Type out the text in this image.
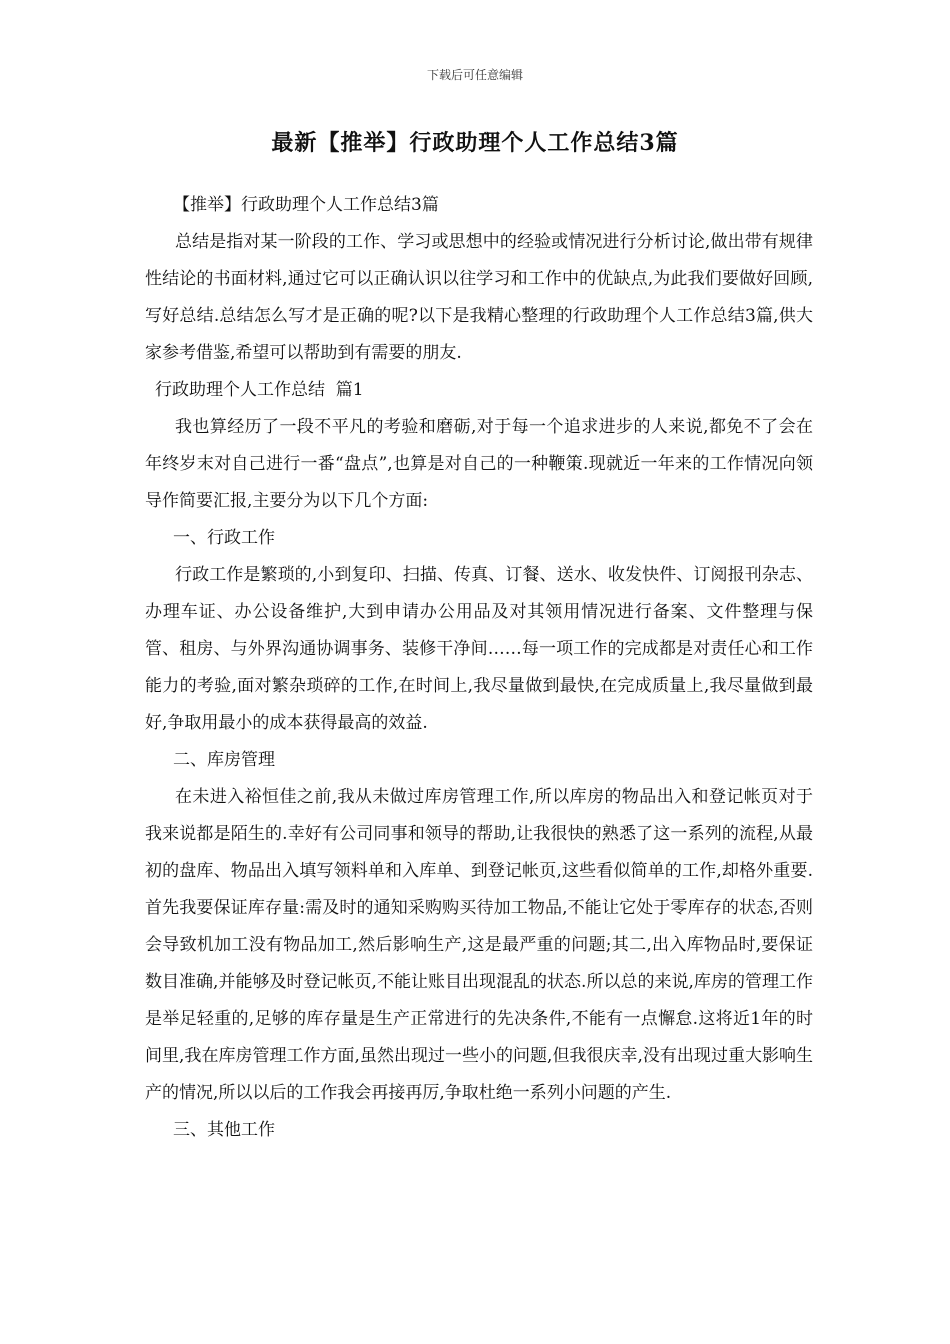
下载后可任意编辑
最新【推举】行政助理个人工作总结3篇

【推举】行政助理个人工作总结3篇

总结是指对某一阶段的工作、学习或思想中的经验或情况进行分析讨论,做出带有规律性结论的书面材料,通过它可以正确认识以往学习和工作中的优缺点,为此我们要做好回顾,写好总结.总结怎么写才是正确的呢?以下是我精心整理的行政助理个人工作总结3篇,供大家参考借鉴,希望可以帮助到有需要的朋友.

行政助理个人工作总结  篇1

我也算经历了一段不平凡的考验和磨砺,对于每一个追求进步的人来说,都免不了会在年终岁末对自己进行一番“盘点”,也算是对自己的一种鞭策.现就近一年来的工作情况向领导作简要汇报,主要分为以下几个方面:

一、行政工作

行政工作是繁琐的,小到复印、扫描、传真、订餐、送水、收发快件、订阅报刊杂志、办理车证、办公设备维护,大到申请办公用品及对其领用情况进行备案、文件整理与保管、租房、与外界沟通协调事务、装修干净间……每一项工作的完成都是对责任心和工作能力的考验,面对繁杂琐碎的工作,在时间上,我尽量做到最快,在完成质量上,我尽量做到最好,争取用最小的成本获得最高的效益.

二、库房管理

在未进入裕恒佳之前,我从未做过库房管理工作,所以库房的物品出入和登记帐页对于我来说都是陌生的.幸好有公司同事和领导的帮助,让我很快的熟悉了这一系列的流程,从最初的盘库、物品出入填写领料单和入库单、到登记帐页,这些看似简单的工作,却格外重要.首先我要保证库存量:需及时的通知采购购买待加工物品,不能让它处于零库存的状态,否则会导致机加工没有物品加工,然后影响生产,这是最严重的问题;其二,出入库物品时,要保证数目准确,并能够及时登记帐页,不能让账目出现混乱的状态.所以总的来说,库房的管理工作是举足轻重的,足够的库存量是生产正常进行的先决条件,不能有一点懈怠.这将近1年的时间里,我在库房管理工作方面,虽然出现过一些小的问题,但我很庆幸,没有出现过重大影响生产的情况,所以以后的工作我会再接再厉,争取杜绝一系列小问题的产生.

三、其他工作
